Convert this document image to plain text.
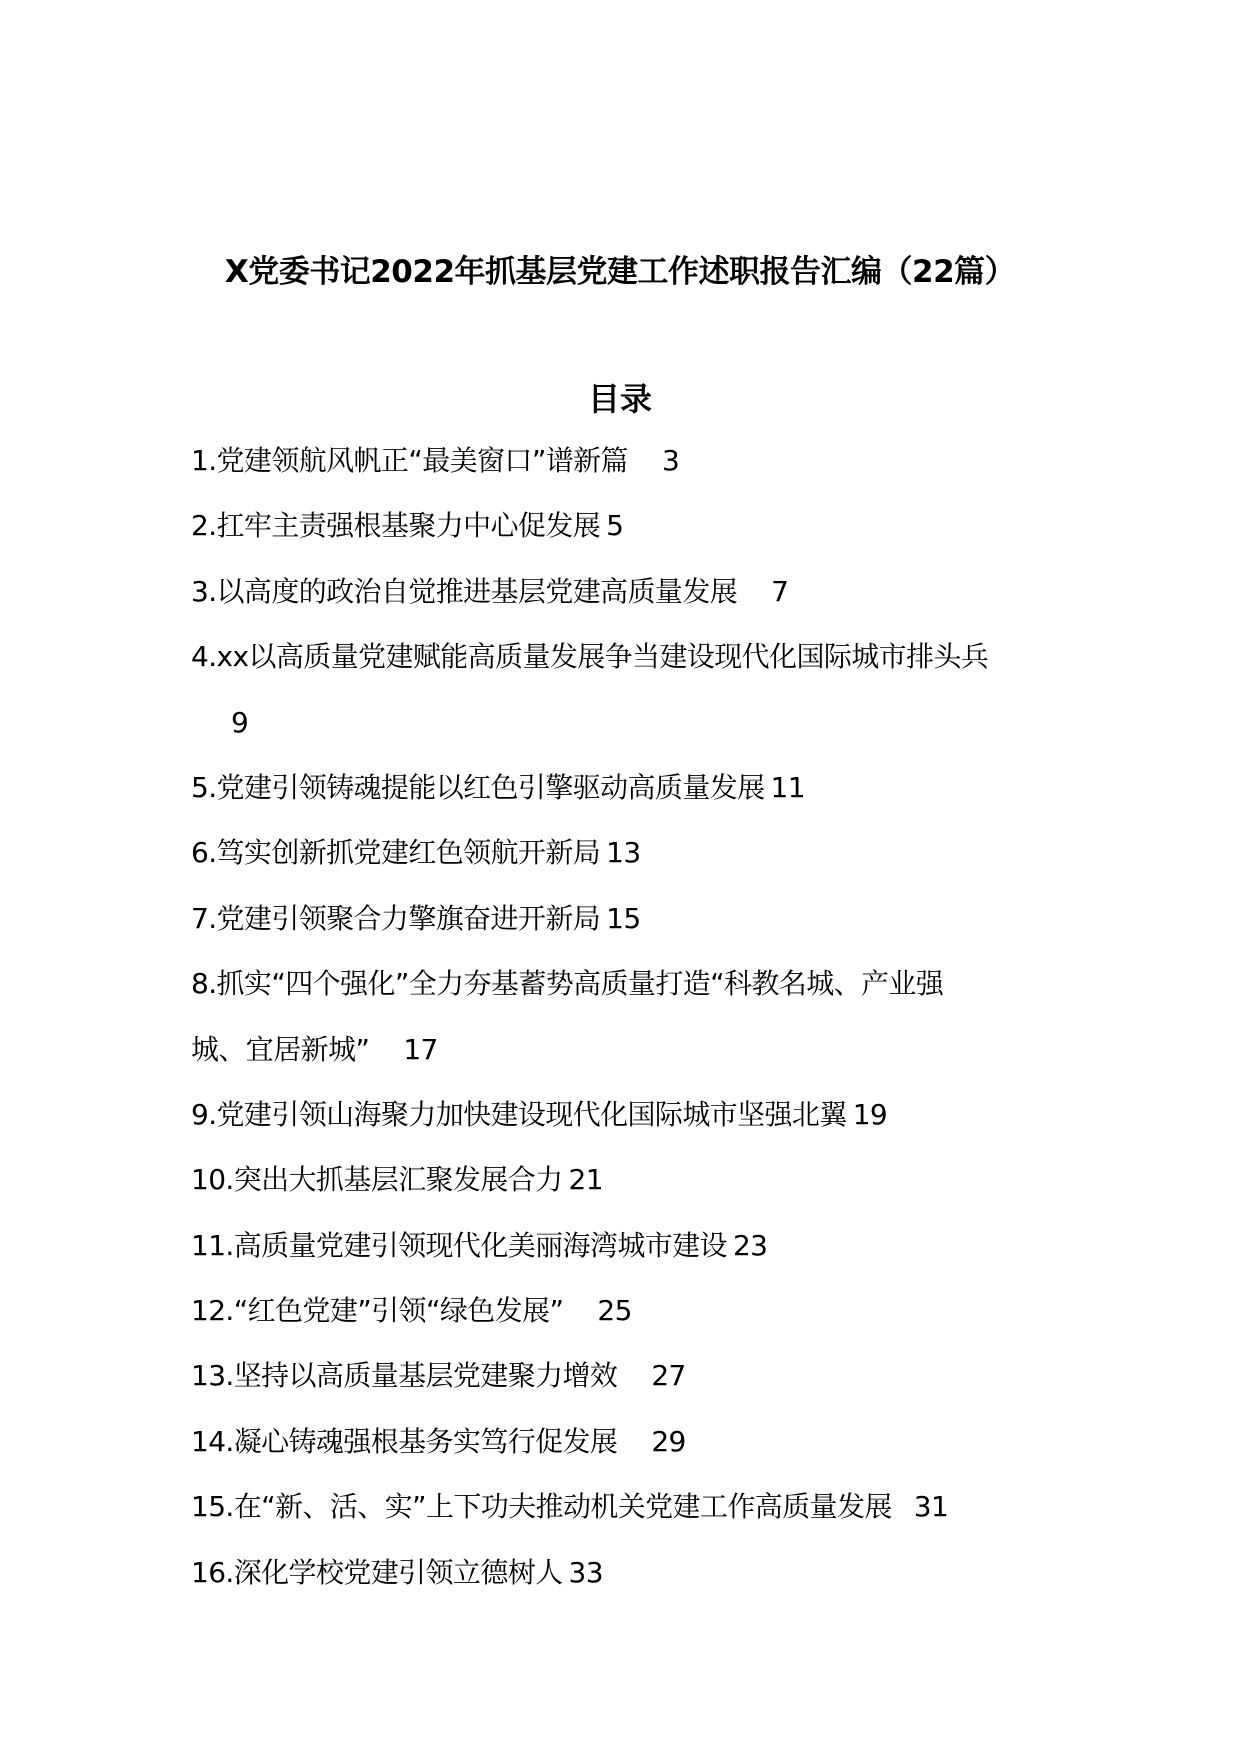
X党委书记2022年抓基层党建工作述职报告汇编（22篇）
目录
1.党建领航风帆正“最美窗口”谱新篇 3
2.扛牢主责强根基聚力中心促发展 5
3.以高度的政治自觉推进基层党建高质量发展 7
4.xx以高质量党建赋能高质量发展争当建设现代化国际城市排头兵
9
5.党建引领铸魂提能以红色引擎驱动高质量发展 11
6.笃实创新抓党建红色领航开新局 13
7.党建引领聚合力擎旗奋进开新局 15
8.抓实“四个强化”全力夯基蓄势高质量打造“科教名城、产业强
城、宜居新城” 17
9.党建引领山海聚力加快建设现代化国际城市坚强北翼 19
10.突出大抓基层汇聚发展合力 21
11.高质量党建引领现代化美丽海湾城市建设 23
12.“红色党建”引领“绿色发展” 25
13.坚持以高质量基层党建聚力增效 27
14.凝心铸魂强根基务实笃行促发展 29
15.在“新、活、实”上下功夫推动机关党建工作高质量发展 31
16.深化学校党建引领立德树人 33
